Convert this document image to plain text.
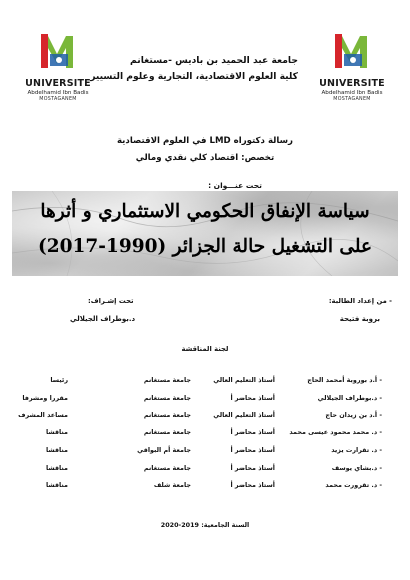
UNIVERSITE
Abdelhamid Ibn Badis
MOSTAGANEM
UNIVERSITE
Abdelhamid Ibn Badis
MOSTAGANEM
جامعة عبد الحميد بن باديس -مستغانم
كلية العلوم الاقتصادية، التجارية وعلوم التسيير
رسالة دكتوراه LMD في العلوم الاقتصادية
تخصص: اقتصاد كلي نقدي ومالي
تحت عنـــوان :
سياسة الإنفاق الحكومي الاستثماري و أثرها
على التشغيل حالة الجزائر (1990-2017)
- من إعداد الطالبة:
بروبة فتيحة
تحت إشـراف:
د.بوطراف الجيلالي
لجنة المناقشة
- أ.د بوروبة أمحمد الحاج
أستاذ التعليم العالي
جامعة مستغانم
رئيسا
- د.بوطراف الجيلالي
أستاذ محاضر أ
جامعة مستغانم
مقررا ومشرفا
- أ.د بن زيدان حاج
أستاذ التعليم العالي
جامعة مستغانم
مساعد المشرف
- د. محمد محمود عيسى محمد
أستاذ محاضر أ
جامعة مستغانم
مناقشا
- د. تقرارت يزيد
أستاذ محاضر أ
جامعة أم البواقي
مناقشا
- د.بشاي يوسف
أستاذ محاضر أ
جامعة مستغانم
مناقشا
- د. تقرورت محمد
أستاذ محاضر أ
جامعة شلف
مناقشا
السنة الجامعية: 2019-2020
